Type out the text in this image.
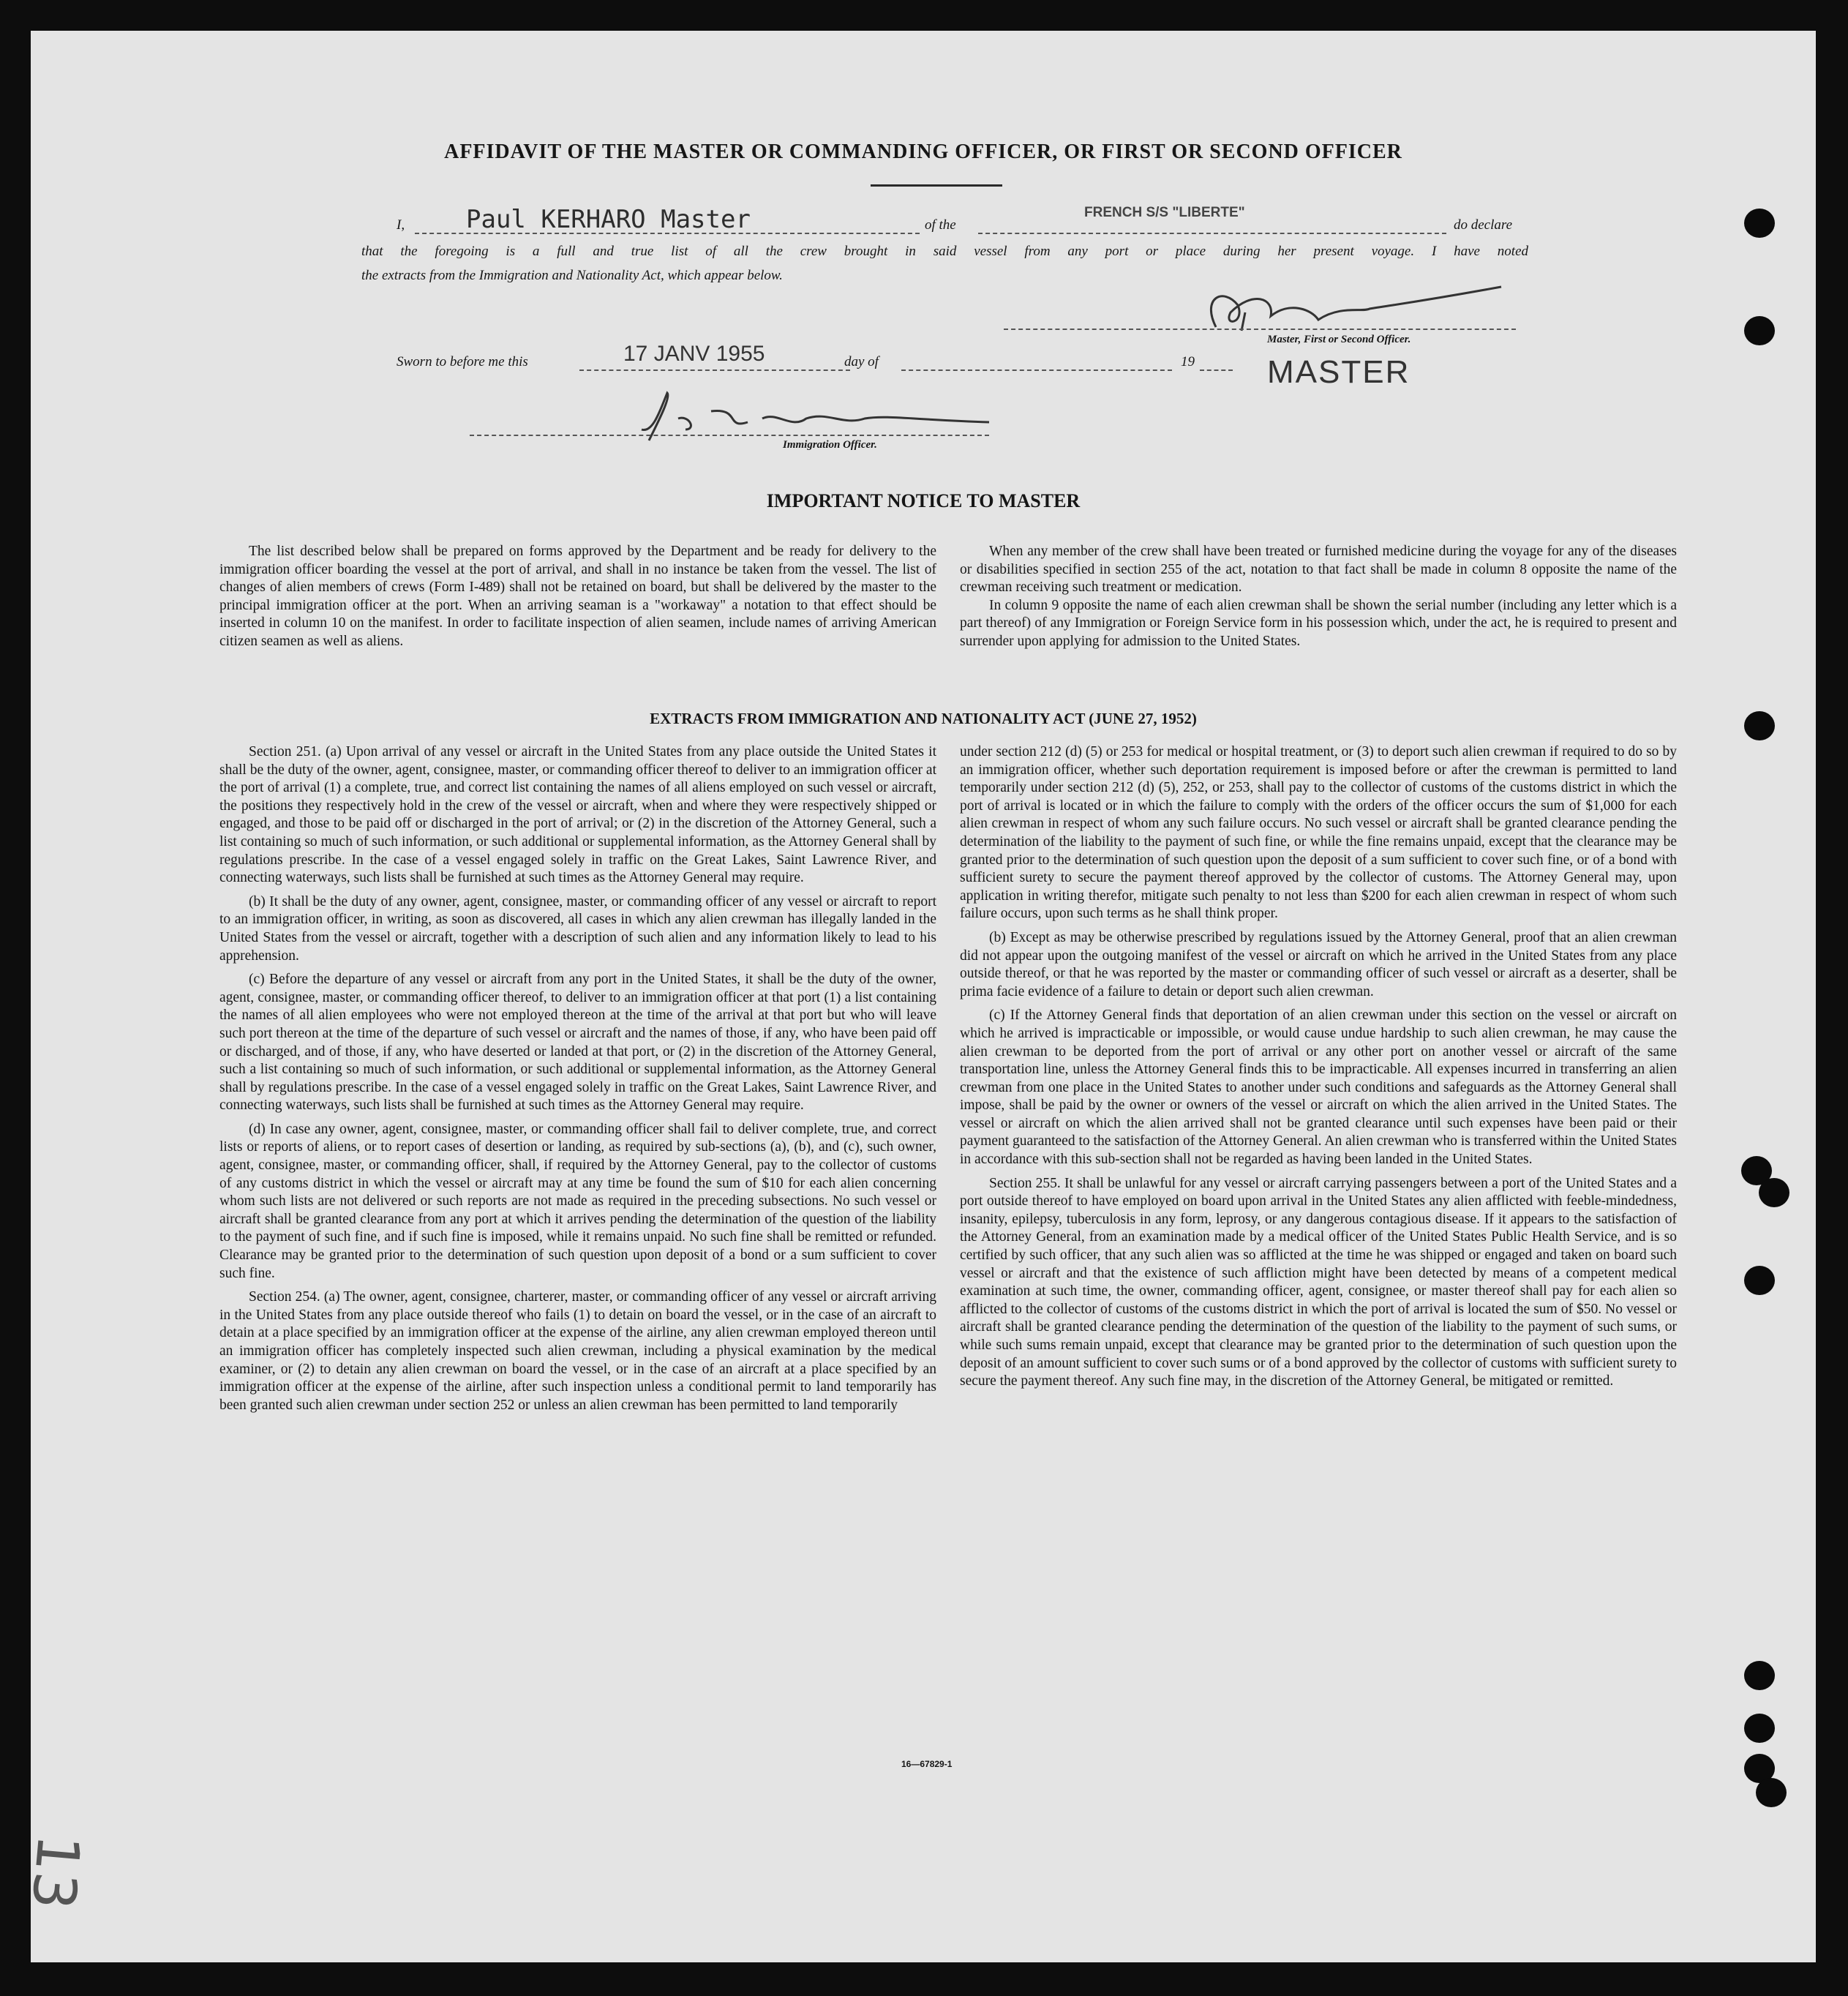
AFFIDAVIT OF THE MASTER OR COMMANDING OFFICER, OR FIRST OR SECOND OFFICER
I, Paul KERHARO Master	of the
FRENCH S/S "LIBERTE"
do declare
that the foregoing is a full and true list of all the crew brought in said vessel from any port or place during her present voyage. I have noted
the extracts from the Immigration and Nationality Act, which appear below.
Master, First or Second Officer.
MASTER
Sworn to before me this	17 JANV 1955	day of	19
Immigration Officer.
IMPORTANT NOTICE TO MASTER

The list described below shall be prepared on forms approved by the Department and be ready for delivery to the immigration officer boarding the vessel at the port of arrival, and shall in no instance be taken from the vessel. The list of changes of alien members of crews (Form I-489) shall not be retained on board, but shall be delivered by the master to the principal immigration officer at the port. When an arriving seaman is a "workaway" a notation to that effect should be inserted in column 10 on the manifest. In order to facilitate inspection of alien seamen, include names of arriving American citizen seamen as well as aliens.

When any member of the crew shall have been treated or furnished medicine during the voyage for any of the diseases or disabilities specified in section 255 of the act, notation to that fact shall be made in column 8 opposite the name of the crewman receiving such treatment or medication.

In column 9 opposite the name of each alien crewman shall be shown the serial number (including any letter which is a part thereof) of any Immigration or Foreign Service form in his possession which, under the act, he is required to present and surrender upon applying for admission to the United States.

EXTRACTS FROM IMMIGRATION AND NATIONALITY ACT (JUNE 27, 1952)

Section 251. (a) Upon arrival of any vessel or aircraft in the United States from any place outside the United States it shall be the duty of the owner, agent, consignee, master, or commanding officer thereof to deliver to an immigration officer at the port of arrival (1) a complete, true, and correct list containing the names of all aliens employed on such vessel or aircraft, the positions they respectively hold in the crew of the vessel or aircraft, when and where they were respectively shipped or engaged, and those to be paid off or discharged in the port of arrival; or (2) in the discretion of the Attorney General, such a list containing so much of such information, or such additional or supplemental information, as the Attorney General shall by regulations prescribe. In the case of a vessel engaged solely in traffic on the Great Lakes, Saint Lawrence River, and connecting waterways, such lists shall be furnished at such times as the Attorney General may require.

(b) It shall be the duty of any owner, agent, consignee, master, or commanding officer of any vessel or aircraft to report to an immigration officer, in writing, as soon as discovered, all cases in which any alien crewman has illegally landed in the United States from the vessel or aircraft, together with a description of such alien and any information likely to lead to his apprehension.

(c) Before the departure of any vessel or aircraft from any port in the United States, it shall be the duty of the owner, agent, consignee, master, or commanding officer thereof, to deliver to an immigration officer at that port (1) a list containing the names of all alien employees who were not employed thereon at the time of the arrival at that port but who will leave such port thereon at the time of the departure of such vessel or aircraft and the names of those, if any, who have been paid off or discharged, and of those, if any, who have deserted or landed at that port, or (2) in the discretion of the Attorney General, such a list containing so much of such information, or such additional or supplemental information, as the Attorney General shall by regulations prescribe. In the case of a vessel engaged solely in traffic on the Great Lakes, Saint Lawrence River, and connecting waterways, such lists shall be furnished at such times as the Attorney General may require.

(d) In case any owner, agent, consignee, master, or commanding officer shall fail to deliver complete, true, and correct lists or reports of aliens, or to report cases of desertion or landing, as required by sub-sections (a), (b), and (c), such owner, agent, consignee, master, or commanding officer, shall, if required by the Attorney General, pay to the collector of customs of any customs district in which the vessel or aircraft may at any time be found the sum of $10 for each alien concerning whom such lists are not delivered or such reports are not made as required in the preceding subsections. No such vessel or aircraft shall be granted clearance from any port at which it arrives pending the determination of the question of the liability to the payment of such fine, and if such fine is imposed, while it remains unpaid. No such fine shall be remitted or refunded. Clearance may be granted prior to the determination of such question upon deposit of a bond or a sum sufficient to cover such fine.

Section 254. (a) The owner, agent, consignee, charterer, master, or commanding officer of any vessel or aircraft arriving in the United States from any place outside thereof who fails (1) to detain on board the vessel, or in the case of an aircraft to detain at a place specified by an immigration officer at the expense of the airline, any alien crewman employed thereon until an immigration officer has completely inspected such alien crewman, including a physical examination by the medical examiner, or (2) to detain any alien crewman on board the vessel, or in the case of an aircraft at a place specified by an immigration officer at the expense of the airline, after such inspection unless a conditional permit to land temporarily has been granted such alien crewman under section 252 or unless an alien crewman has been permitted to land temporarily

under section 212 (d) (5) or 253 for medical or hospital treatment, or (3) to deport such alien crewman if required to do so by an immigration officer, whether such deportation requirement is imposed before or after the crewman is permitted to land temporarily under section 212 (d) (5), 252, or 253, shall pay to the collector of customs of the customs district in which the port of arrival is located or in which the failure to comply with the orders of the officer occurs the sum of $1,000 for each alien crewman in respect of whom any such failure occurs. No such vessel or aircraft shall be granted clearance pending the determination of the liability to the payment of such fine, or while the fine remains unpaid, except that the clearance may be granted prior to the determination of such question upon the deposit of a sum sufficient to cover such fine, or of a bond with sufficient surety to secure the payment thereof approved by the collector of customs. The Attorney General may, upon application in writing therefor, mitigate such penalty to not less than $200 for each alien crewman in respect of whom such failure occurs, upon such terms as he shall think proper.

(b) Except as may be otherwise prescribed by regulations issued by the Attorney General, proof that an alien crewman did not appear upon the outgoing manifest of the vessel or aircraft on which he arrived in the United States from any place outside thereof, or that he was reported by the master or commanding officer of such vessel or aircraft as a deserter, shall be prima facie evidence of a failure to detain or deport such alien crewman.

(c) If the Attorney General finds that deportation of an alien crewman under this section on the vessel or aircraft on which he arrived is impracticable or impossible, or would cause undue hardship to such alien crewman, he may cause the alien crewman to be deported from the port of arrival or any other port on another vessel or aircraft of the same transportation line, unless the Attorney General finds this to be impracticable. All expenses incurred in transferring an alien crewman from one place in the United States to another under such conditions and safeguards as the Attorney General shall impose, shall be paid by the owner or owners of the vessel or aircraft on which the alien arrived in the United States. The vessel or aircraft on which the alien arrived shall not be granted clearance until such expenses have been paid or their payment guaranteed to the satisfaction of the Attorney General. An alien crewman who is transferred within the United States in accordance with this sub-section shall not be regarded as having been landed in the United States.

Section 255. It shall be unlawful for any vessel or aircraft carrying passengers between a port of the United States and a port outside thereof to have employed on board upon arrival in the United States any alien afflicted with feeble-mindedness, insanity, epilepsy, tuberculosis in any form, leprosy, or any dangerous contagious disease. If it appears to the satisfaction of the Attorney General, from an examination made by a medical officer of the United States Public Health Service, and is so certified by such officer, that any such alien was so afflicted at the time he was shipped or engaged and taken on board such vessel or aircraft and that the existence of such affliction might have been detected by means of a competent medical examination at such time, the owner, commanding officer, agent, consignee, or master thereof shall pay for each alien so afflicted to the collector of customs of the customs district in which the port of arrival is located the sum of $50. No vessel or aircraft shall be granted clearance pending the determination of the question of the liability to the payment of such sums, or while such sums remain unpaid, except that clearance may be granted prior to the determination of such question upon the deposit of an amount sufficient to cover such sums or of a bond approved by the collector of customs with sufficient surety to secure the payment thereof. Any such fine may, in the discretion of the Attorney General, be mitigated or remitted.

16—67829-1
13
